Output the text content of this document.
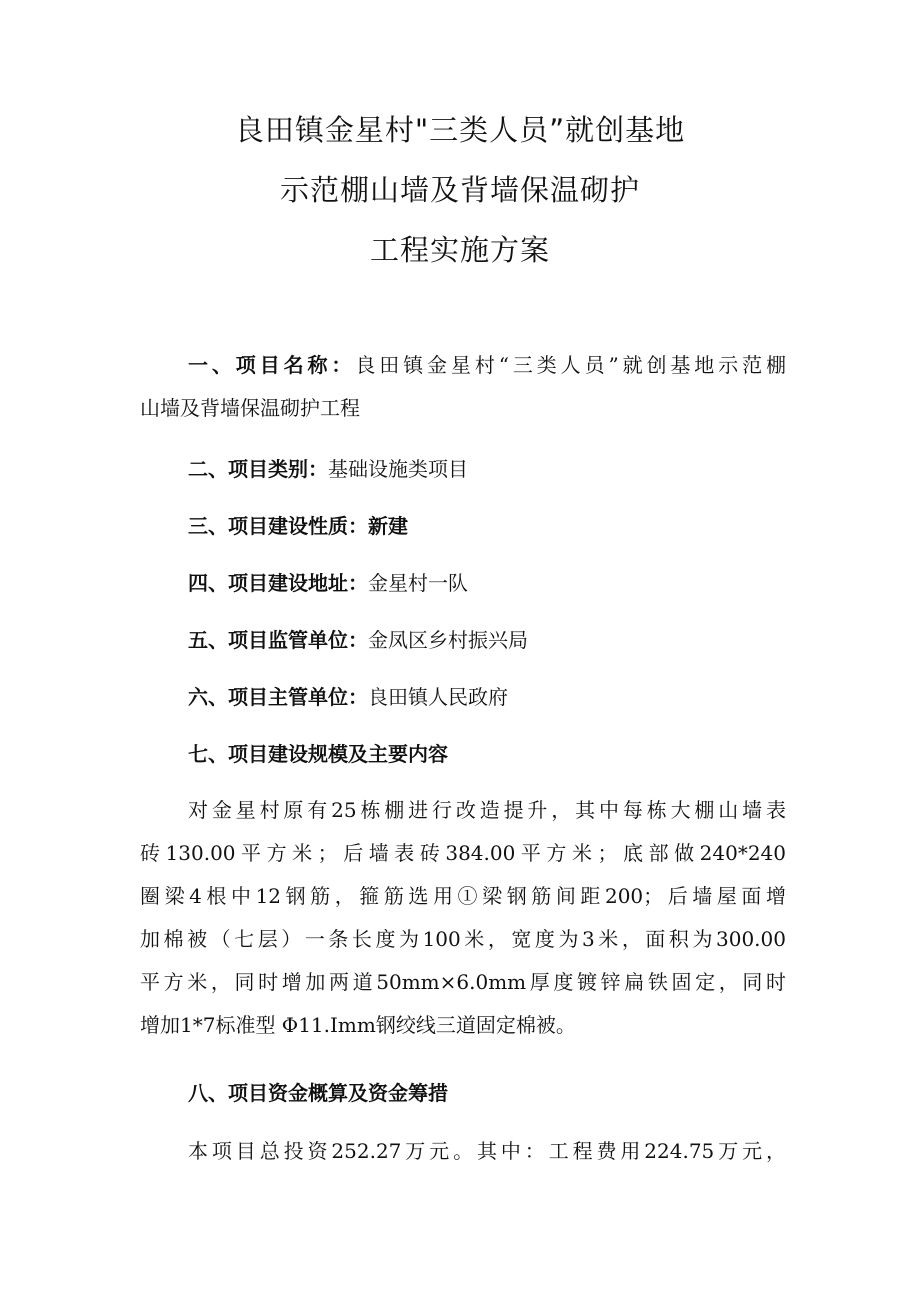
良田镇金星村"三类人员”就创基地
示范棚山墙及背墙保温砌护
工程实施方案
一、项目名称：良田镇金星村“三类人员”就创基地示范棚
山墙及背墙保温砌护工程
二、项目类别：基础设施类项目
三、项目建设性质：新建
四、项目建设地址：金星村一队
五、项目监管单位：金凤区乡村振兴局
六、项目主管单位：良田镇人民政府
七、项目建设规模及主要内容
对金星村原有25栋棚进行改造提升，其中每栋大棚山墙表
砖130.00平方米；后墙表砖384.00平方米；底部做240*240
圈梁4根中12钢筋，箍筋选用①梁钢筋间距200；后墙屋面增
加棉被（七层）一条长度为100米，宽度为3米，面积为300.00
平方米，同时增加两道50mm×6.0mm厚度镀锌扁铁固定，同时
增加1*7标准型 Φ11.Imm钢绞线三道固定棉被。
八、项目资金概算及资金筹措
本项目总投资252.27万元。其中：工程费用224.75万元，
